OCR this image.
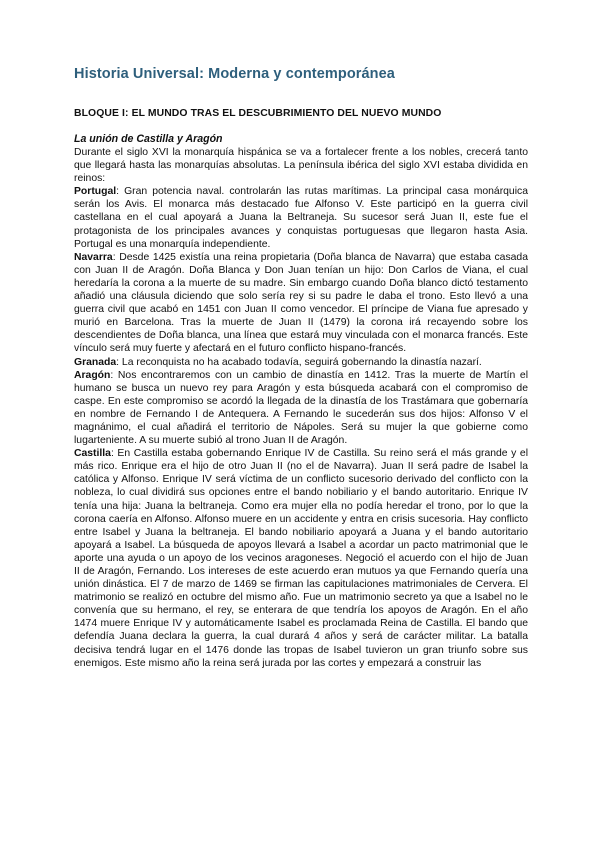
Historia Universal: Moderna y contemporánea
BLOQUE I: EL MUNDO TRAS EL DESCUBRIMIENTO DEL NUEVO MUNDO
La unión de Castilla y Aragón

Durante el siglo XVI la monarquía hispánica se va a fortalecer frente a los nobles, crecerá tanto que llegará hasta las monarquías absolutas. La península ibérica del siglo XVI estaba dividida en reinos:

Portugal: Gran potencia naval. controlarán las rutas marítimas. La principal casa monárquica serán los Avis. El monarca más destacado fue Alfonso V. Este participó en la guerra civil castellana en el cual apoyará a Juana la Beltraneja. Su sucesor será Juan II, este fue el protagonista de los principales avances y conquistas portuguesas que llegaron hasta Asia. Portugal es una monarquía independiente.

Navarra: Desde 1425 existía una reina propietaria (Doña blanca de Navarra) que estaba casada con Juan II de Aragón. Doña Blanca y Don Juan tenían un hijo: Don Carlos de Viana, el cual heredaría la corona a la muerte de su madre. Sin embargo cuando Doña blanco dictó testamento añadió una cláusula diciendo que solo sería rey si su padre le daba el trono. Esto llevó a una guerra civil que acabó en 1451 con Juan II como vencedor. El príncipe de Viana fue apresado y murió en Barcelona. Tras la muerte de Juan II (1479) la corona irá recayendo sobre los descendientes de Doña blanca, una línea que estará muy vinculada con el monarca francés. Este vínculo será muy fuerte y afectará en el futuro conflicto hispano-francés.

Granada: La reconquista no ha acabado todavía, seguirá gobernando la dinastía nazarí.

Aragón: Nos encontraremos con un cambio de dinastía en 1412. Tras la muerte de Martín el humano se busca un nuevo rey para Aragón y esta búsqueda acabará con el compromiso de caspe. En este compromiso se acordó la llegada de la dinastía de los Trastámara que gobernaría en nombre de Fernando I de Antequera. A Fernando le sucederán sus dos hijos: Alfonso V el magnánimo, el cual añadirá el territorio de Nápoles. Será su mujer la que gobierne como lugarteniente. A su muerte subió al trono Juan II de Aragón.

Castilla: En Castilla estaba gobernando Enrique IV de Castilla. Su reino será el más grande y el más rico. Enrique era el hijo de otro Juan II (no el de Navarra). Juan II será padre de Isabel la católica y Alfonso. Enrique IV será víctima de un conflicto sucesorio derivado del conflicto con la nobleza, lo cual dividirá sus opciones entre el bando nobiliario y el bando autoritario. Enrique IV tenía una hija: Juana la beltraneja. Como era mujer ella no podía heredar el trono, por lo que la corona caería en Alfonso. Alfonso muere en un accidente y entra en crisis sucesoria. Hay conflicto entre Isabel y Juana la beltraneja. El bando nobiliario apoyará a Juana y el bando autoritario apoyará a Isabel. La búsqueda de apoyos llevará a Isabel a acordar un pacto matrimonial que le aporte una ayuda o un apoyo de los vecinos aragoneses. Negoció el acuerdo con el hijo de Juan II de Aragón, Fernando. Los intereses de este acuerdo eran mutuos ya que Fernando quería una unión dinástica. El 7 de marzo de 1469 se firman las capitulaciones matrimoniales de Cervera. El matrimonio se realizó en octubre del mismo año. Fue un matrimonio secreto ya que a Isabel no le convenía que su hermano, el rey, se enterara de que tendría los apoyos de Aragón. En el año 1474 muere Enrique IV y automáticamente Isabel es proclamada Reina de Castilla. El bando que defendía Juana declara la guerra, la cual durará 4 años y será de carácter militar. La batalla decisiva tendrá lugar en el 1476 donde las tropas de Isabel tuvieron un gran triunfo sobre sus enemigos. Este mismo año la reina será jurada por las cortes y empezará a construir las
